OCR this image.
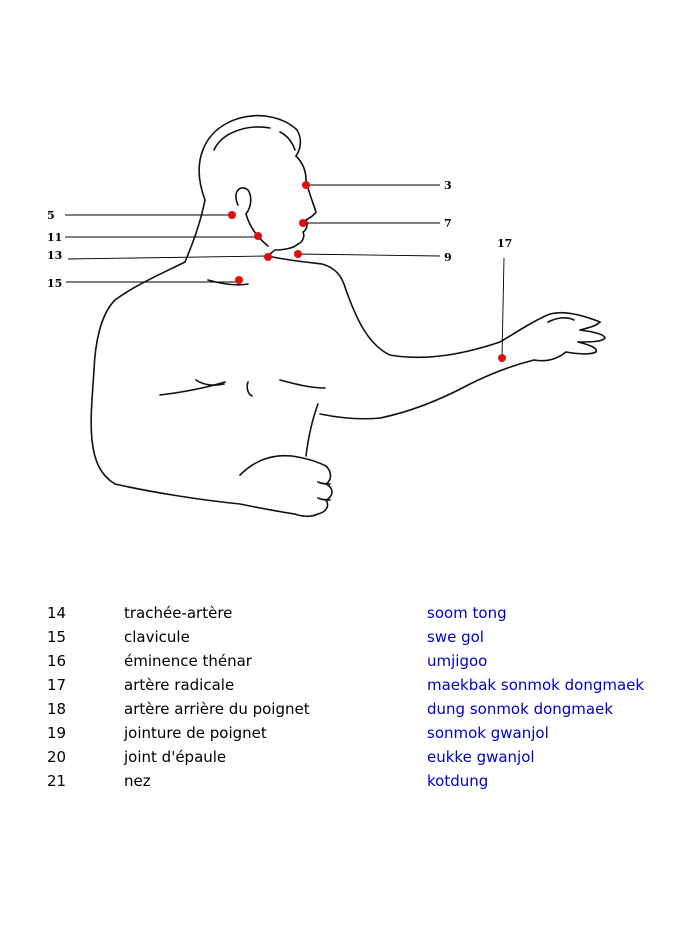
3
5
7
9
11
13
15
17
14	trachée-artère	soom tong
15	clavicule	swe gol
16	éminence thénar	umjigoo
17	artère radicale	maekbak sonmok dongmaek
18	artère arrière du poignet	dung sonmok dongmaek
19	jointure de poignet	sonmok gwanjol
20	joint d'épaule	eukke gwanjol
21	nez	kotdung
